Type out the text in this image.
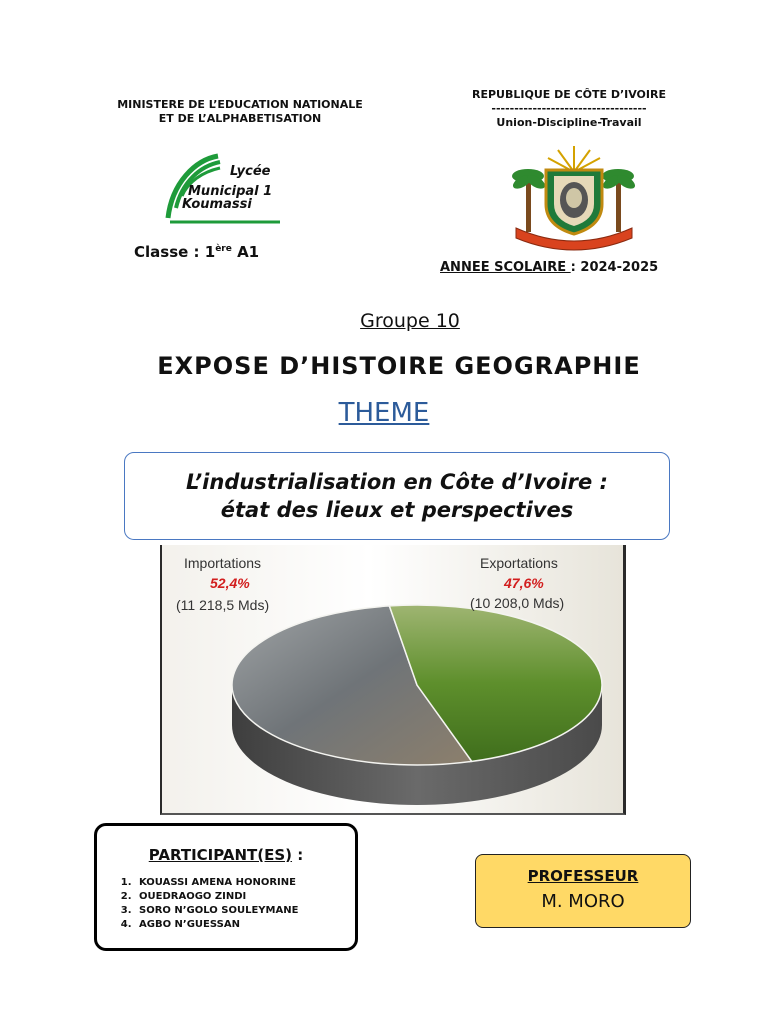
MINISTERE DE L’EDUCATION NATIONALE
ET DE L’ALPHABETISATION
REPUBLIQUE DE CÔTE D’IVOIRE
----------------------------------
Union-Discipline-Travail
Lycée
Municipal 1
Koumassi
Classe : 1ère A1
ANNEE SCOLAIRE : 2024-2025
Groupe 10
EXPOSE D’HISTOIRE GEOGRAPHIE
THEME
L’industrialisation en Côte d’Ivoire :
état des lieux et perspectives
Importations
52,4%
(11 218,5 Mds)
Exportations
47,6%
(10 208,0 Mds)
PARTICIPANT(ES) :
1. KOUASSI AMENA HONORINE
2. OUEDRAOGO ZINDI
3. SORO N’GOLO SOULEYMANE
4. AGBO N’GUESSAN
PROFESSEUR
M. MORO
